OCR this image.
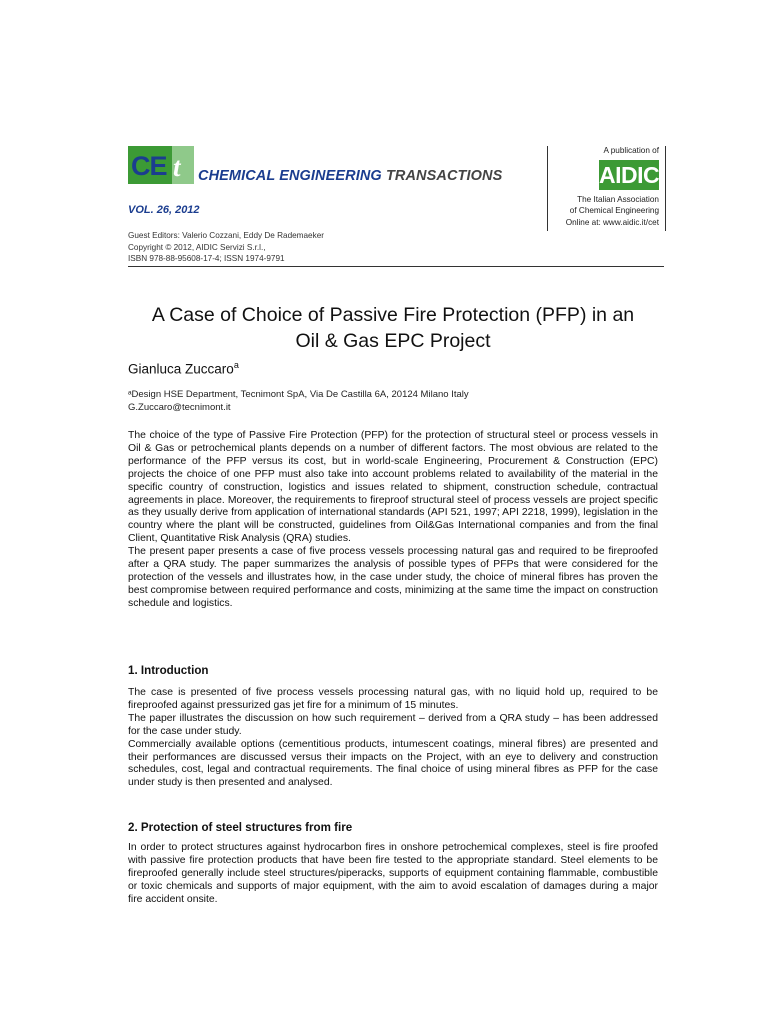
CE t CHEMICAL ENGINEERING TRANSACTIONS
VOL. 26, 2012
Guest Editors: Valerio Cozzani, Eddy De Rademaeker
Copyright © 2012, AIDIC Servizi S.r.l.,
ISBN 978-88-95608-17-4; ISSN 1974-9791
A publication of
AIDIC
The Italian Association
of Chemical Engineering
Online at: www.aidic.it/cet
A Case of Choice of Passive Fire Protection (PFP) in an
Oil & Gas EPC Project
Gianluca Zuccaro$^a$
ᵃDesign HSE Department, Tecnimont SpA, Via De Castilla 6A, 20124 Milano Italy
G.Zuccaro@tecnimont.it

The choice of the type of Passive Fire Protection (PFP) for the protection of structural steel or process vessels in Oil & Gas or petrochemical plants depends on a number of different factors. The most obvious are related to the performance of the PFP versus its cost, but in world-scale Engineering, Procurement & Construction (EPC) projects the choice of one PFP must also take into account problems related to availability of the material in the specific country of construction, logistics and issues related to shipment, construction schedule, contractual agreements in place. Moreover, the requirements to fireproof structural steel of process vessels are project specific as they usually derive from application of international standards (API 521, 1997; API 2218, 1999), legislation in the country where the plant will be constructed, guidelines from Oil&Gas International companies and from the final Client, Quantitative Risk Analysis (QRA) studies.

The present paper presents a case of five process vessels processing natural gas and required to be fireproofed after a QRA study. The paper summarizes the analysis of possible types of PFPs that were considered for the protection of the vessels and illustrates how, in the case under study, the choice of mineral fibres has proven the best compromise between required performance and costs, minimizing at the same time the impact on construction schedule and logistics.

1. Introduction

The case is presented of five process vessels processing natural gas, with no liquid hold up, required to be fireproofed against pressurized gas jet fire for a minimum of 15 minutes.

The paper illustrates the discussion on how such requirement – derived from a QRA study – has been addressed for the case under study.

Commercially available options (cementitious products, intumescent coatings, mineral fibres) are presented and their performances are discussed versus their impacts on the Project, with an eye to delivery and construction schedules, cost, legal and contractual requirements. The final choice of using mineral fibres as PFP for the case under study is then presented and analysed.

2. Protection of steel structures from fire

In order to protect structures against hydrocarbon fires in onshore petrochemical complexes, steel is fire proofed with passive fire protection products that have been fire tested to the appropriate standard. Steel elements to be fireproofed generally include steel structures/piperacks, supports of equipment containing flammable, combustible or toxic chemicals and supports of major equipment, with the aim to avoid escalation of damages during a major fire accident onsite.
